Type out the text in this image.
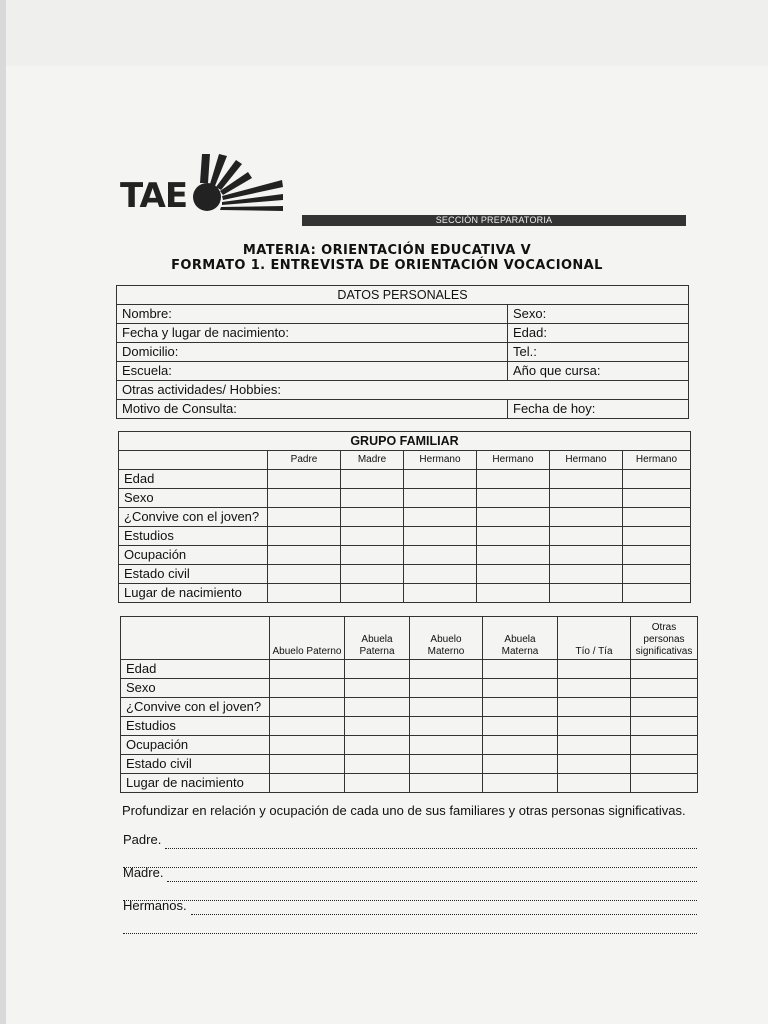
TAE
SECCIÓN PREPARATORIA
MATERIA: ORIENTACIÓN EDUCATIVA V
FORMATO 1. ENTREVISTA DE ORIENTACIÓN VOCACIONAL
DATOS PERSONALES	
Nombre:	Sexo:
Fecha y lugar de nacimiento:	Edad:
Domicilio:	Tel.:
Escuela:	Año que cursa:
Otras actividades/ Hobbies:	
Motivo de Consulta:	Fecha de hoy:
GRUPO FAMILIAR						
	Padre	Madre	Hermano	Hermano	Hermano	Hermano
Edad						
Sexo						
¿Convive con el joven?						
Estudios						
Ocupación						
Estado civil						
Lugar de nacimiento						
	Abuelo Paterno	Abuela Paterna	Abuelo Materno	Abuela Materna	Tío / Tía	Otras personas significativas
Edad						
Sexo						
¿Convive con el joven?						
Estudios						
Ocupación						
Estado civil						
Lugar de nacimiento						
Profundizar en relación y ocupación de cada uno de sus familiares y otras personas significativas.
Padre.
Madre.
Hermanos.
